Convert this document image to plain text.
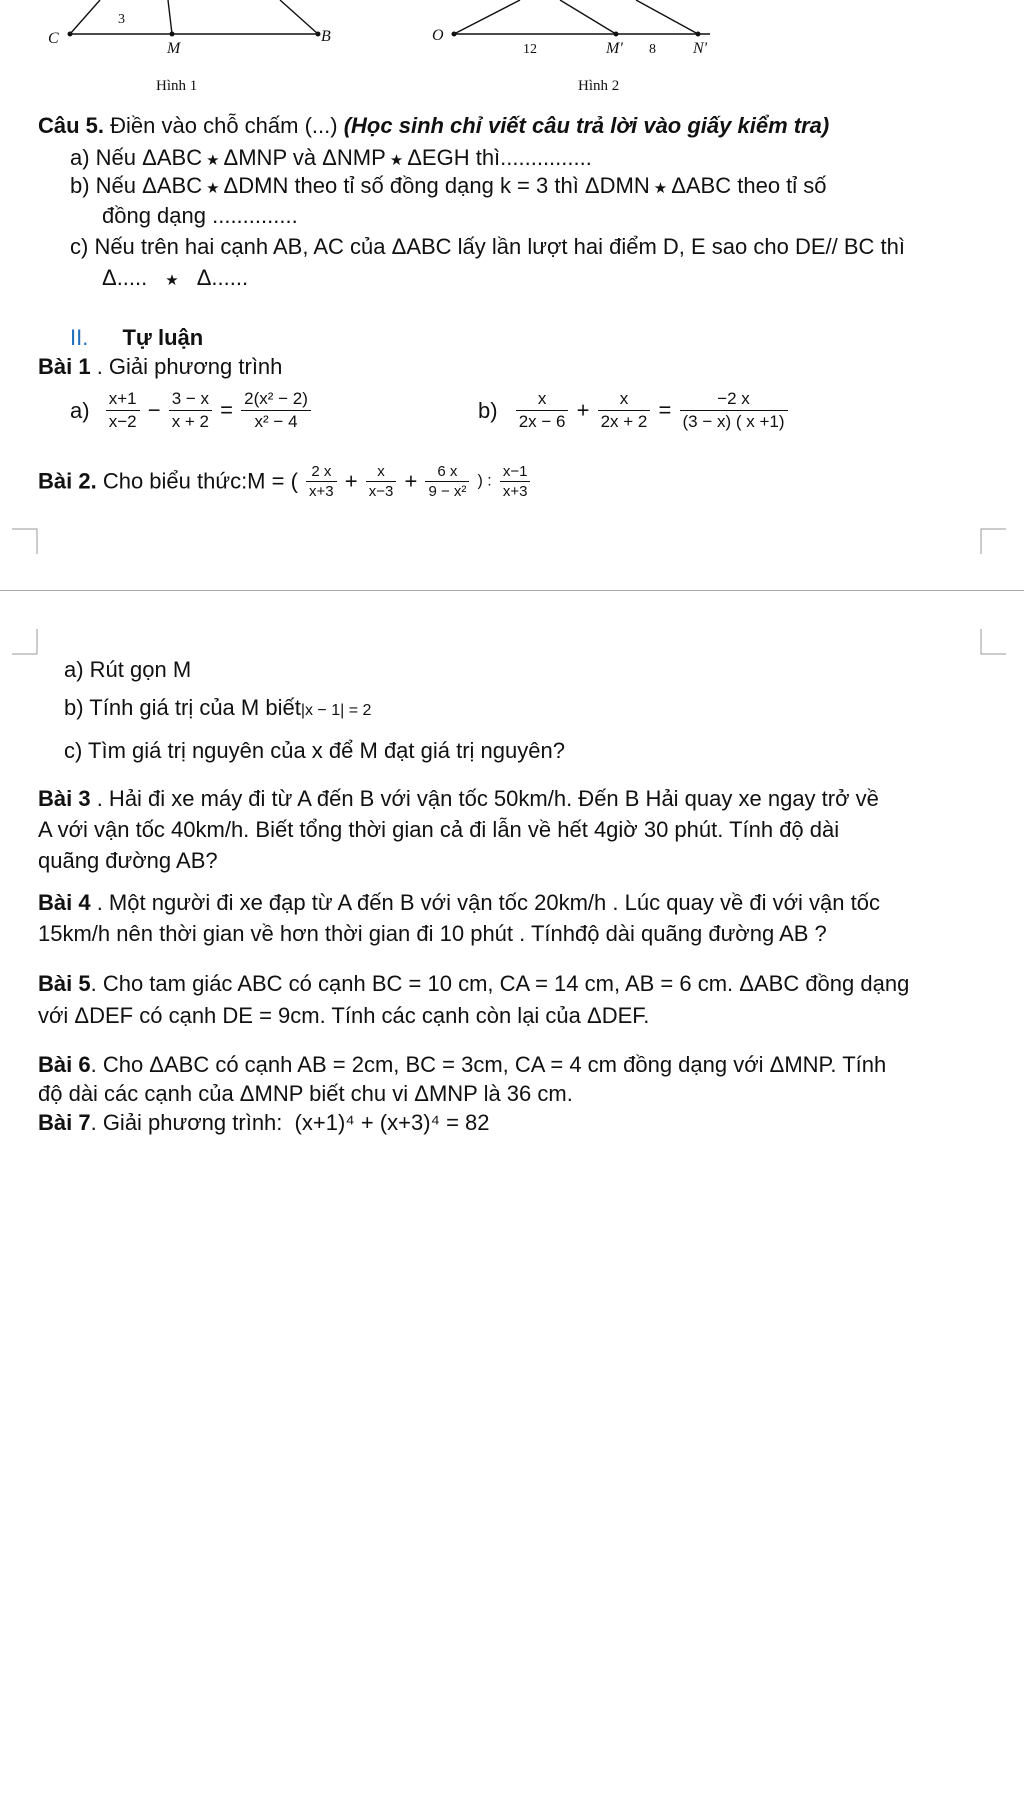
C
3
M
B
Hình 1
O
12	M' 8 N'
Hình 2
Câu 5. Điền vào chỗ chấm (...) (Học sinh chỉ viết câu trả lời vào giấy kiểm tra)
a) Nếu ΔABC ★ ΔMNP và ΔNMP ★ ΔEGH thì...............
b) Nếu ΔABC ★ ΔDMN theo tỉ số đồng dạng k = 3 thì ΔDMN ★ ΔABC theo tỉ số
đồng dạng ..............
c) Nếu trên hai cạnh AB, AC của ΔABC lấy lần lượt hai điểm D, E sao cho DE// BC thì
Δ..... ★ Δ......
II. Tự luận
Bài 1 . Giải phương trình
$a) \frac{x+1}{x-2} - \frac{3 - x}{x + 2} = \frac{\text{2(x² − 2)}}{\text{x² − 4}}$	$b) \frac{x}{2x - 6} + \frac{x}{2x + 2} = \frac{-2 x}{(3 - x) ( x +1)}$
Bài 2. Cho biểu thức:M = ( $\frac{2 x}{x+3} + \frac{x}{x-3} + \frac{6 x}{\text{9 − x²}}$ ) : $\frac{x-1}{x+3}$
a) Rút gọn M
b) Tính giá trị của M biết|x − 1| = 2
c) Tìm giá trị nguyên của x để M đạt giá trị nguyên?
Bài 3 . Hải đi xe máy đi từ A đến B với vận tốc 50km/h. Đến B Hải quay xe ngay trở về
A với vận tốc 40km/h. Biết tổng thời gian cả đi lẫn về hết 4giờ 30 phút. Tính độ dài
quãng đường AB?
Bài 4 . Một người đi xe đạp từ A đến B với vận tốc 20km/h . Lúc quay về đi với vận tốc
15km/h nên thời gian về hơn thời gian đi 10 phút . Tínhđộ dài quãng đường AB ?
Bài 5. Cho tam giác ABC có cạnh BC = 10 cm, CA = 14 cm, AB = 6 cm. ΔABC đồng dạng
với ΔDEF có cạnh DE = 9cm. Tính các cạnh còn lại của ΔDEF.
Bài 6. Cho ΔABC có cạnh AB = 2cm, BC = 3cm, CA = 4 cm đồng dạng với ΔMNP. Tính
độ dài các cạnh của ΔMNP biết chu vi ΔMNP là 36 cm.
Bài 7. Giải phương trình: (x+1)⁴ + (x+3)⁴ = 82
